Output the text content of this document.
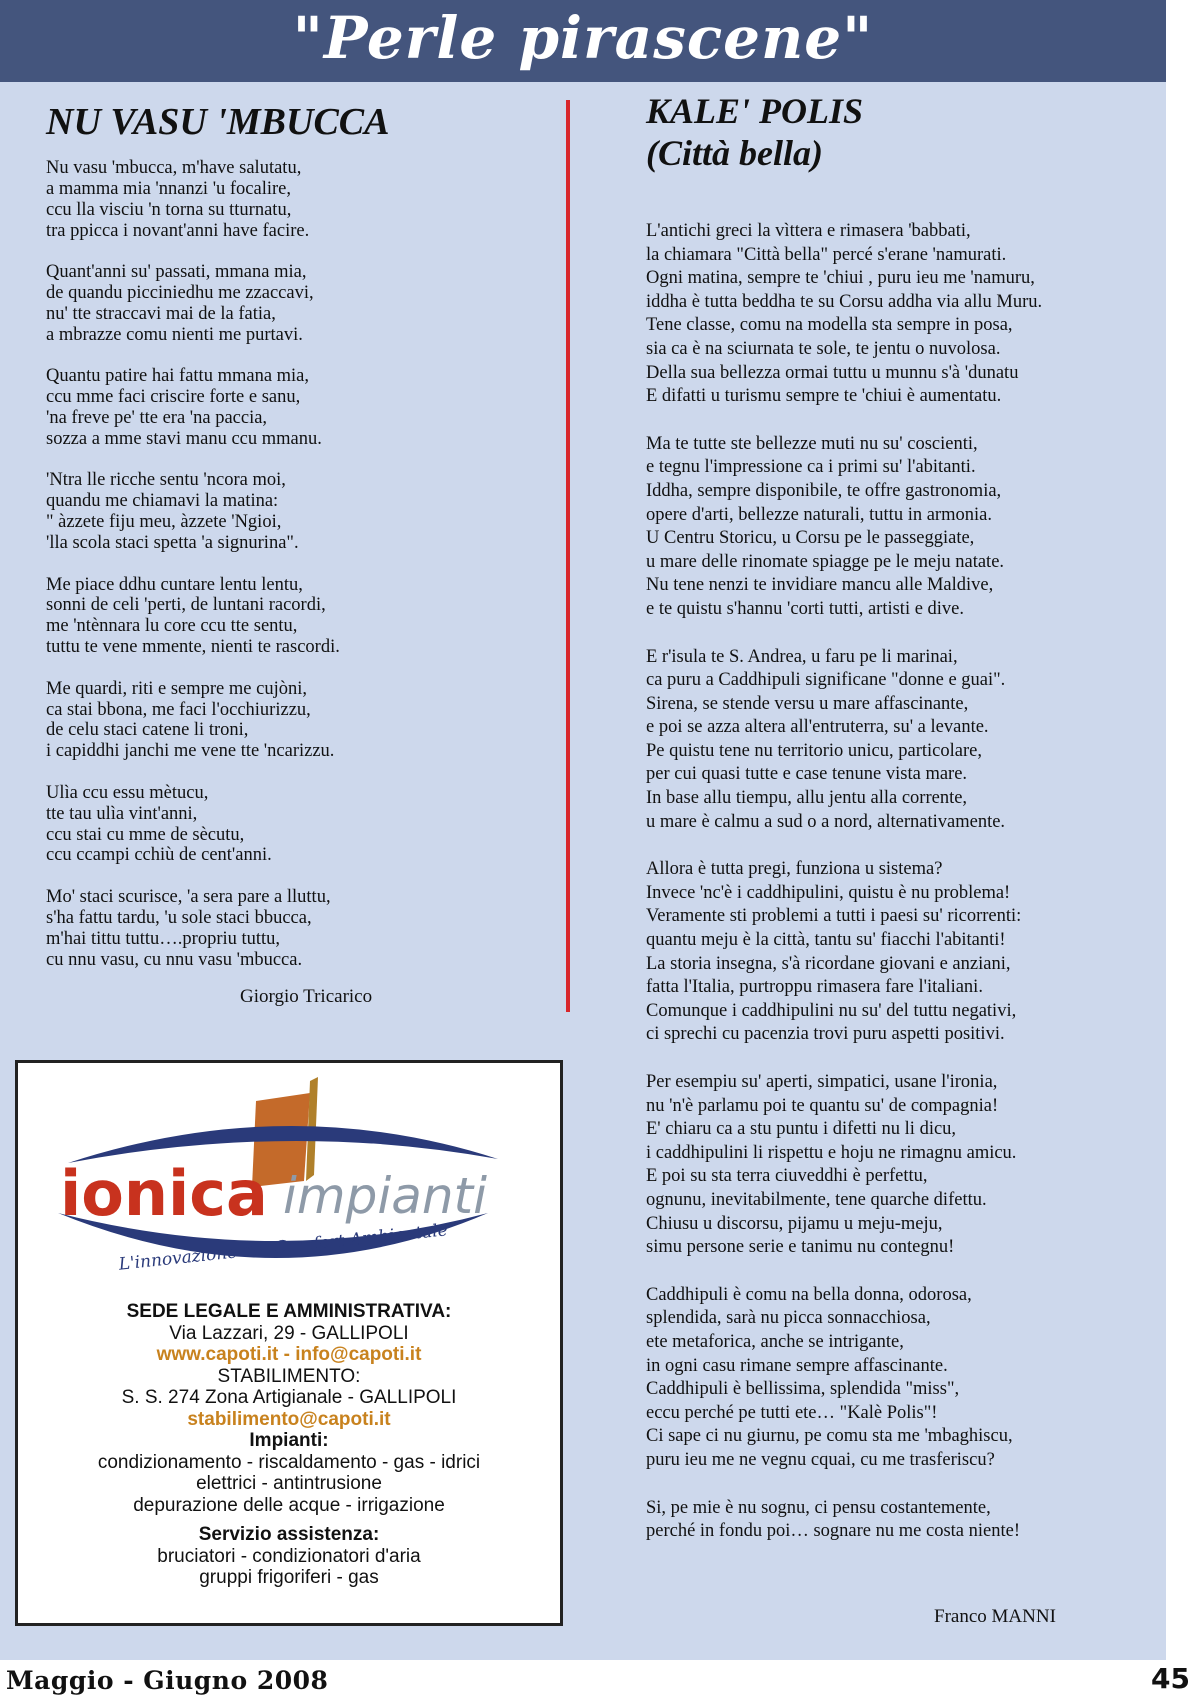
"Perle pirascene"
NU VASU 'MBUCCA
Nu vasu 'mbucca, m'have salutatu,
a mamma mia 'nnanzi 'u focalire,
ccu lla visciu 'n torna su tturnatu,
tra ppicca i novant'anni have facire.
Quant'anni su' passati, mmana mia,
de quandu picciniedhu me zzaccavi,
nu' tte straccavi mai de la fatia,
a mbrazze comu nienti me purtavi.
Quantu patire hai fattu mmana mia,
ccu mme faci criscire forte e sanu,
'na freve pe' tte era 'na paccia,
sozza a mme stavi manu ccu mmanu.
'Ntra lle ricche sentu 'ncora moi,
quandu me chiamavi la matina:
" àzzete fiju meu, àzzete 'Ngioi,
'lla scola staci spetta 'a signurina".
Me piace ddhu cuntare lentu lentu,
sonni de celi 'perti, de luntani racordi,
me 'ntènnara lu core ccu tte sentu,
tuttu te vene mmente, nienti te rascordi.
Me quardi, riti e sempre me cujòni,
ca stai bbona, me faci l'occhiurizzu,
de celu staci catene li troni,
i capiddhi janchi me vene tte 'ncarizzu.
Ulìa ccu essu mètucu,
tte tau ulìa vint'anni,
ccu stai cu mme de sècutu,
ccu ccampi cchiù de cent'anni.
Mo' staci scurisce, 'a sera pare a lluttu,
s'ha fattu tardu, 'u sole staci bbucca,
m'hai tittu tuttu….propriu tuttu,
cu nnu vasu, cu nnu vasu 'mbucca.
Giorgio Tricarico
KALE' POLIS
(Città bella)
L'antichi greci la vìttera e rimasera 'babbati,
la chiamara "Città bella" percé s'erane 'namurati.
Ogni matina, sempre te 'chiui , puru ieu me 'namuru,
iddha è tutta beddha te su Corsu addha via allu Muru.
Tene classe, comu na modella sta sempre in posa,
sia ca è na sciurnata te sole, te jentu o nuvolosa.
Della sua bellezza ormai tuttu u munnu s'à 'dunatu
E difatti u turismu sempre te 'chiui è aumentatu.
Ma te tutte ste bellezze muti nu su' coscienti,
e tegnu l'impressione ca i primi su' l'abitanti.
Iddha, sempre disponibile, te offre gastronomia,
opere d'arti, bellezze naturali, tuttu in armonia.
U Centru Storicu, u Corsu pe le passeggiate,
u mare delle rinomate spiagge pe le meju natate.
Nu tene nenzi te invidiare mancu alle Maldive,
e te quistu s'hannu 'corti tutti, artisti e dive.
E r'isula te S. Andrea, u faru pe li marinai,
ca puru a Caddhipuli significane "donne e guai".
Sirena, se stende versu u mare affascinante,
e poi se azza altera all'entruterra, su' a levante.
Pe quistu tene nu territorio unicu, particolare,
per cui quasi tutte e case tenune vista mare.
In base allu tiempu, allu jentu alla corrente,
u mare è calmu a sud o a nord, alternativamente.
Allora è tutta pregi, funziona u sistema?
Invece 'nc'è i caddhipulini, quistu è nu problema!
Veramente sti problemi a tutti i paesi su' ricorrenti:
quantu meju è la città, tantu su' fiacchi l'abitanti!
La storia insegna, s'à ricordane giovani e anziani,
fatta l'Italia, purtroppu rimasera fare l'italiani.
Comunque i caddhipulini nu su' del tuttu negativi,
ci sprechi cu pacenzia trovi puru aspetti positivi.
Per esempiu su' aperti, simpatici, usane l'ironia,
nu 'n'è parlamu poi te quantu su' de compagnia!
E' chiaru ca a stu puntu i difetti nu li dicu,
i caddhipulini li rispettu e hoju ne rimagnu amicu.
E poi su sta terra ciuveddhi è perfettu,
ognunu, inevitabilmente, tene quarche difettu.
Chiusu u discorsu, pijamu u meju-meju,
simu persone serie e tanimu nu contegnu!
Caddhipuli è comu na bella donna, odorosa,
splendida, sarà nu picca sonnacchiosa,
ete metaforica, anche se intrigante,
in ogni casu rimane sempre affascinante.
Caddhipuli è bellissima, splendida "miss",
eccu perché pe tutti ete… "Kalè Polis"!
Ci sape ci nu giurnu, pe comu sta me 'mbaghiscu,
puru ieu me ne vegnu cquai, cu me trasferiscu?
Si, pe mie è nu sognu, ci pensu costantemente,
perché in fondu poi… sognare nu me costa niente!
Franco MANNI
ionica impianti
L'innovazione del Comfort Ambientale
SEDE LEGALE E AMMINISTRATIVA:
Via Lazzari, 29 - GALLIPOLI
www.capoti.it - info@capoti.it
STABILIMENTO:
S. S. 274 Zona Artigianale - GALLIPOLI
stabilimento@capoti.it
Impianti:
condizionamento - riscaldamento - gas - idrici
elettrici - antintrusione
depurazione delle acque - irrigazione
Servizio assistenza:
bruciatori - condizionatori d'aria
gruppi frigoriferi - gas
Maggio - Giugno 2008	45
